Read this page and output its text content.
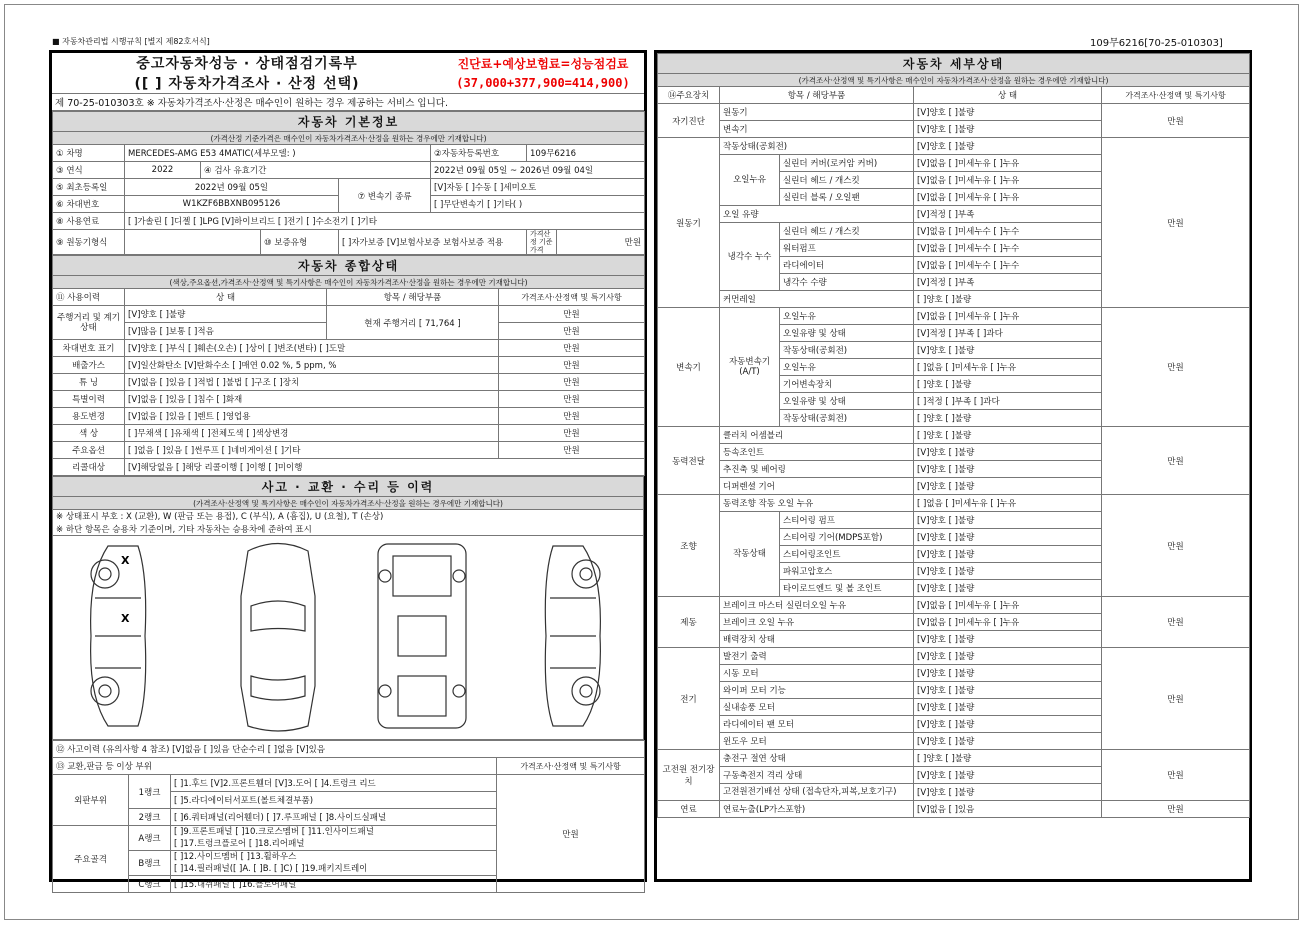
■ 자동차관리법 시행규칙 [별지 제82호서식]	109무6216[70-25-010303]
중고자동차성능 · 상태점검기록부	진단료+예상보험료=성능점검료
([ ] 자동차가격조사 · 산정 선택)	(37,000+377,900=414,900)
제 70-25-010303호 ※ 자동차가격조사·산정은 매수인이 원하는 경우 제공하는 서비스 입니다.	
자동차 기본정보							
(가격산정 기준가격은 매수인이 자동차가격조사·산정을 원하는 경우에만 기재합니다)							
① 차명	MERCEDES-AMG E53 4MATIC(세부모델: )				②자동차등록번호	109무6216	
③ 연식	2022	④ 검사 유효기간			2022년 09월 05일 ~ 2026년 09월 04일		
⑤ 최초등록일	2022년 09월 05일			⑦ 변속기 종류	[V]자동 [ ]수동 [ ]세미오토		
⑥ 차대번호	W1KZF6BBXNB095126				[ ]무단변속기 [ ]기타( )		
⑧ 사용연료	[ ]가솔린 [ ]디젤 [ ]LPG [V]하이브리드 [ ]전기 [ ]수소전기 [ ]기타						
⑨ 원동기형식			⑩ 보증유형	[ ]자가보증 [V]보험사보증 보험사보증 적용		가격산정 기준가격	만원
자동차 종합상태			
(색상,주요옵션,가격조사·산정액 및 특기사항은 매수인이 자동차가격조사·산정을 원하는 경우에만 기재합니다)			
⑪ 사용이력	상 태	항목 / 해당부품	가격조사·산정액 및 특기사항
주행거리 및 계기상태	[V]양호 [ ]불량	현재 주행거리 [ 71,764 ]	만원
	[V]많음 [ ]보통 [ ]적음		만원
차대번호 표기	[V]양호 [ ]부식 [ ]훼손(오손) [ ]상이 [ ]변조(변타) [ ]도말		만원
배출가스	[V]일산화탄소 [V]탄화수소 [ ]매연 0.02 %, 5 ppm, %		만원
튜 닝	[V]없음 [ ]있음 [ ]적법 [ ]불법 [ ]구조 [ ]장치		만원
특별이력	[V]없음 [ ]있음 [ ]침수 [ ]화재		만원
용도변경	[V]없음 [ ]있음 [ ]렌트 [ ]영업용		만원
색 상	[ ]무채색 [ ]유채색 [ ]전체도색 [ ]색상변경		만원
주요옵션	[ ]없음 [ ]있음 [ ]썬루프 [ ]네비게이션 [ ]기타		만원
리콜대상	[V]해당없음 [ ]해당 리콜이행 [ ]이행 [ ]미이행		
사고 · 교환 · 수리 등 이력
(가격조사·산정액 및 특기사항은 매수인이 자동차가격조사·산정을 원하는 경우에만 기재합니다)
※ 상태표시 부호 : X (교환), W (판금 또는 용접), C (부식), A (흠집), U (요철), T (손상)
※ 하단 항목은 승용차 기준이며, 기타 자동차는 승용차에 준하여 표시

X
X
⑫ 사고이력 (유의사항 4 참조) [V]없음 [ ]있음 단순수리 [ ]없음 [V]있음			
⑬ 교환,판금 등 이상 부위			가격조사·산정액 및 특기사항
외판부위	1랭크	[ ]1.후드 [V]2.프론트휀더 [V]3.도어 [ ]4.트렁크 리드	만원
		[ ]5.라디에이터서포트(볼트체결부품)	
	2랭크	[ ]6.쿼터패널(리어휀더) [ ]7.루프패널 [ ]8.사이드실패널	
주요골격	A랭크	[ ]9.프론트패널 [ ]10.크로스멤버 [ ]11.인사이드패널
[ ]17.트렁크플로어 [ ]18.리어패널	
	B랭크	[ ]12.사이드멤버 [ ]13.휠하우스
[ ]14.필러패널([ ]A. [ ]B. [ ]C) [ ]19.패키지트레이	
	C랭크	[ ]15.대쉬패널 [ ]16.플로어패널	
자동차 세부상태				
(가격조사·산정액 및 특기사항은 매수인이 자동차가격조사·산정을 원하는 경우에만 기재합니다)				
⑭주요장치	항목 / 해당부품		상 태	가격조사·산정액 및 특기사항
자기진단	원동기		[V]양호 [ ]불량	만원
	변속기		[V]양호 [ ]불량	
원동기	작동상태(공회전)		[V]양호 [ ]불량	만원
	오일누유	실린더 커버(로커암 커버)	[V]없음 [ ]미세누유 [ ]누유	
		실린더 헤드 / 개스킷	[V]없음 [ ]미세누유 [ ]누유	
		실린더 블록 / 오일팬	[V]없음 [ ]미세누유 [ ]누유	
	오일 유량		[V]적정 [ ]부족	
	냉각수 누수	실린더 헤드 / 개스킷	[V]없음 [ ]미세누수 [ ]누수	
		워터펌프	[V]없음 [ ]미세누수 [ ]누수	
		라디에이터	[V]없음 [ ]미세누수 [ ]누수	
		냉각수 수량	[V]적정 [ ]부족	
	커먼레일		[ ]양호 [ ]불량	
변속기	자동변속기 (A/T)	오일누유	[V]없음 [ ]미세누유 [ ]누유	만원
		오일유량 및 상태	[V]적정 [ ]부족 [ ]과다	
		작동상태(공회전)	[V]양호 [ ]불량	
		오일누유	[ ]없음 [ ]미세누유 [ ]누유	
		기어변속장치	[ ]양호 [ ]불량	
		오일유량 및 상태	[ ]적정 [ ]부족 [ ]과다	
		작동상태(공회전)	[ ]양호 [ ]불량	
동력전달	클러치 어셈블리		[ ]양호 [ ]불량	만원
	등속조인트		[V]양호 [ ]불량	
	추진축 및 베어링		[V]양호 [ ]불량	
	디퍼렌셜 기어		[V]양호 [ ]불량	
조향	동력조향 작동 오일 누유		[ ]없음 [ ]미세누유 [ ]누유	만원
	작동상태	스티어링 펌프	[V]양호 [ ]불량	
		스티어링 기어(MDPS포함)	[V]양호 [ ]불량	
		스티어링조인트	[V]양호 [ ]불량	
		파워고압호스	[V]양호 [ ]불량	
		타이로드엔드 및 볼 조인트	[V]양호 [ ]불량	
제동	브레이크 마스터 실린더오일 누유		[V]없음 [ ]미세누유 [ ]누유	만원
	브레이크 오일 누유		[V]없음 [ ]미세누유 [ ]누유	
	배력장치 상태		[V]양호 [ ]불량	
전기	발전기 출력		[V]양호 [ ]불량	만원
	시동 모터		[V]양호 [ ]불량	
	와이퍼 모터 기능		[V]양호 [ ]불량	
	실내송풍 모터		[V]양호 [ ]불량	
	라디에이터 팬 모터		[V]양호 [ ]불량	
	윈도우 모터		[V]양호 [ ]불량	
고전원 전기장치	충전구 절연 상태		[ ]양호 [ ]불량	만원
	구동축전지 격리 상태		[V]양호 [ ]불량	
	고전원전기배선 상태 (접속단자,피복,보호기구)		[V]양호 [ ]불량	
연료	연료누출(LP가스포함)		[V]없음 [ ]있음	만원
